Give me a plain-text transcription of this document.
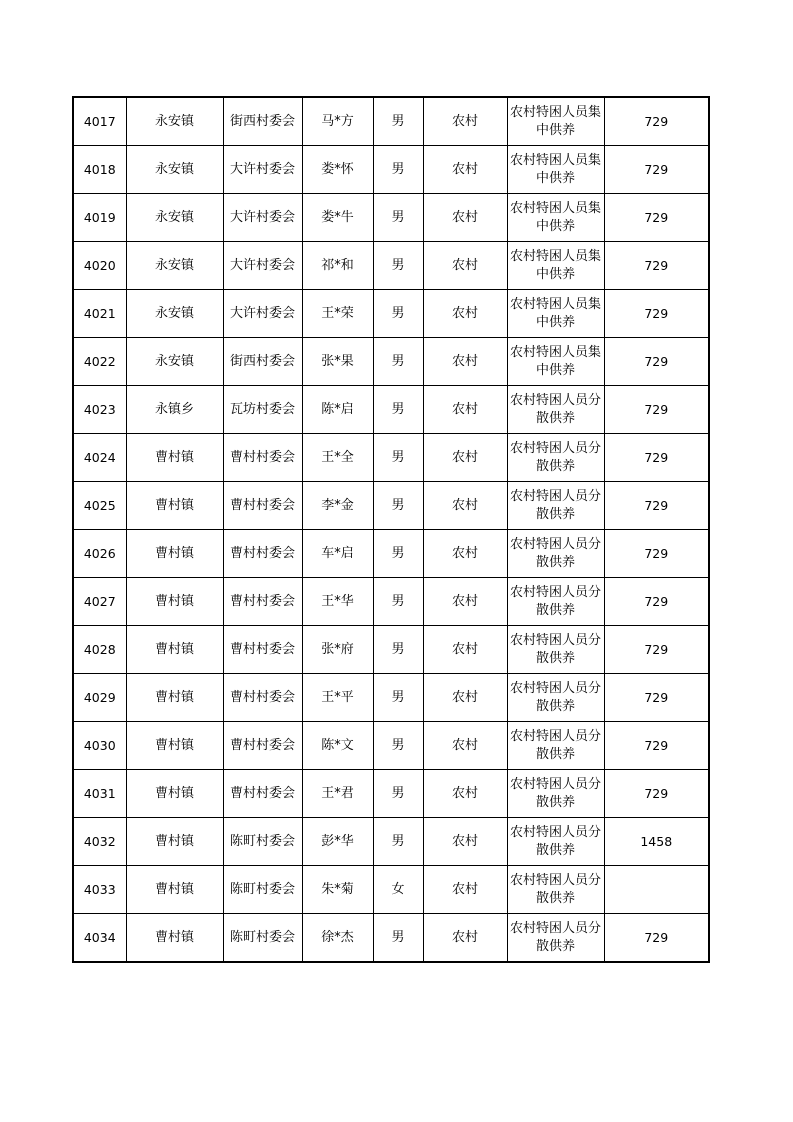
4017	永安镇	街西村委会	马*方	男	农村	农村特困人员集中供养	729
4018	永安镇	大许村委会	娄*怀	男	农村	农村特困人员集中供养	729
4019	永安镇	大许村委会	娄*牛	男	农村	农村特困人员集中供养	729
4020	永安镇	大许村委会	祁*和	男	农村	农村特困人员集中供养	729
4021	永安镇	大许村委会	王*荣	男	农村	农村特困人员集中供养	729
4022	永安镇	街西村委会	张*果	男	农村	农村特困人员集中供养	729
4023	永镇乡	瓦坊村委会	陈*启	男	农村	农村特困人员分散供养	729
4024	曹村镇	曹村村委会	王*全	男	农村	农村特困人员分散供养	729
4025	曹村镇	曹村村委会	李*金	男	农村	农村特困人员分散供养	729
4026	曹村镇	曹村村委会	车*启	男	农村	农村特困人员分散供养	729
4027	曹村镇	曹村村委会	王*华	男	农村	农村特困人员分散供养	729
4028	曹村镇	曹村村委会	张*府	男	农村	农村特困人员分散供养	729
4029	曹村镇	曹村村委会	王*平	男	农村	农村特困人员分散供养	729
4030	曹村镇	曹村村委会	陈*文	男	农村	农村特困人员分散供养	729
4031	曹村镇	曹村村委会	王*君	男	农村	农村特困人员分散供养	729
4032	曹村镇	陈町村委会	彭*华	男	农村	农村特困人员分散供养	1458
4033	曹村镇	陈町村委会	朱*菊	女	农村	农村特困人员分散供养	
4034	曹村镇	陈町村委会	徐*杰	男	农村	农村特困人员分散供养	729
